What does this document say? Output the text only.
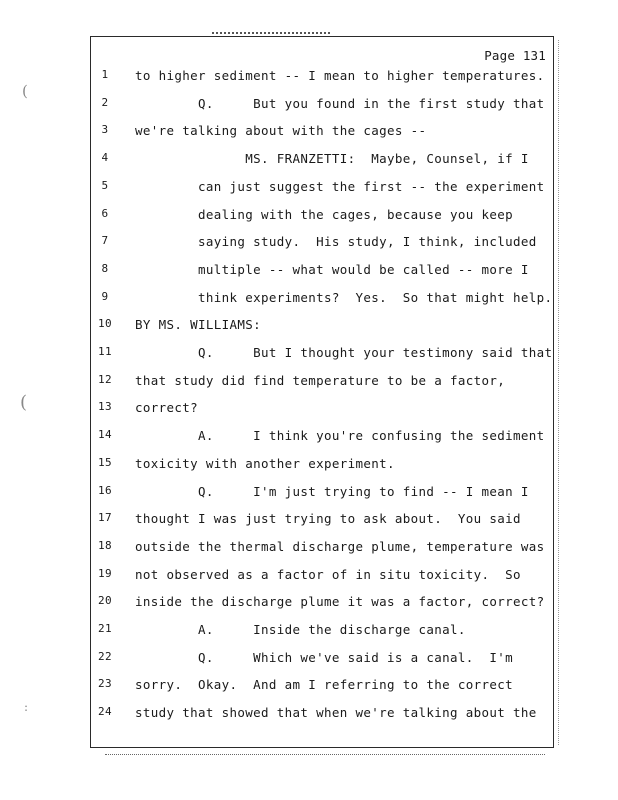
(
(
:
Page 131
1	to higher sediment -- I mean to higher temperatures.
2	Q.     But you found in the first study that
3	we're talking about with the cages --
4	MS. FRANZETTI:  Maybe, Counsel, if I
5	can just suggest the first -- the experiment
6	dealing with the cages, because you keep
7	saying study.  His study, I think, included
8	multiple -- what would be called -- more I
9	think experiments?  Yes.  So that might help.
10	BY MS. WILLIAMS:
11	Q.     But I thought your testimony said that
12	that study did find temperature to be a factor,
13	correct?
14	A.     I think you're confusing the sediment
15	toxicity with another experiment.
16	Q.     I'm just trying to find -- I mean I
17	thought I was just trying to ask about.  You said
18	outside the thermal discharge plume, temperature was
19	not observed as a factor of in situ toxicity.  So
20	inside the discharge plume it was a factor, correct?
21	A.     Inside the discharge canal.
22	Q.     Which we've said is a canal.  I'm
23	sorry.  Okay.  And am I referring to the correct
24	study that showed that when we're talking about the
